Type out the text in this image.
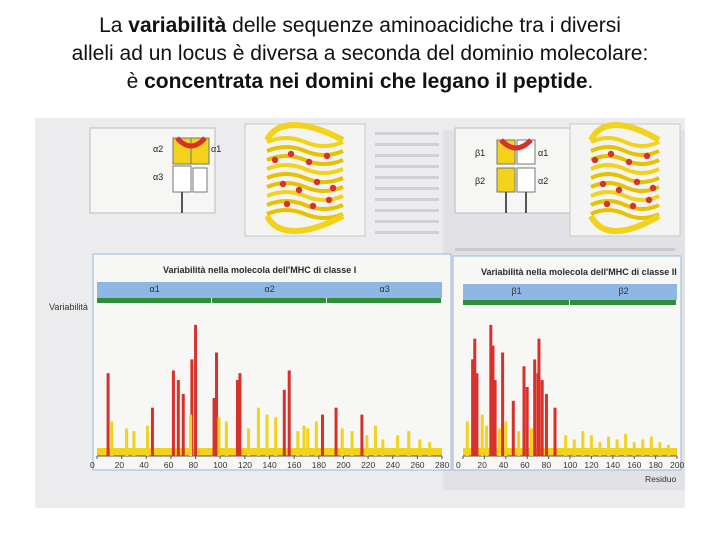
La variabilità delle sequenze aminoacidiche tra i diversi
alleli ad un locus è diversa a seconda del dominio molecolare:
è concentrata nei domini che legano il peptide.
α2	α1
α3
β1	α1
β2	α2
Variabilità nella molecola dell'MHC di classe I	Variabilità nella molecola dell'MHC di classe II
Variabilità
α1	α2	α3
0 20 40 60 80 100 120 140 160 180 200 220 240 260 280
β1	β2
0 20 40 60 80 100 120 140 160 180 200
Residuo
